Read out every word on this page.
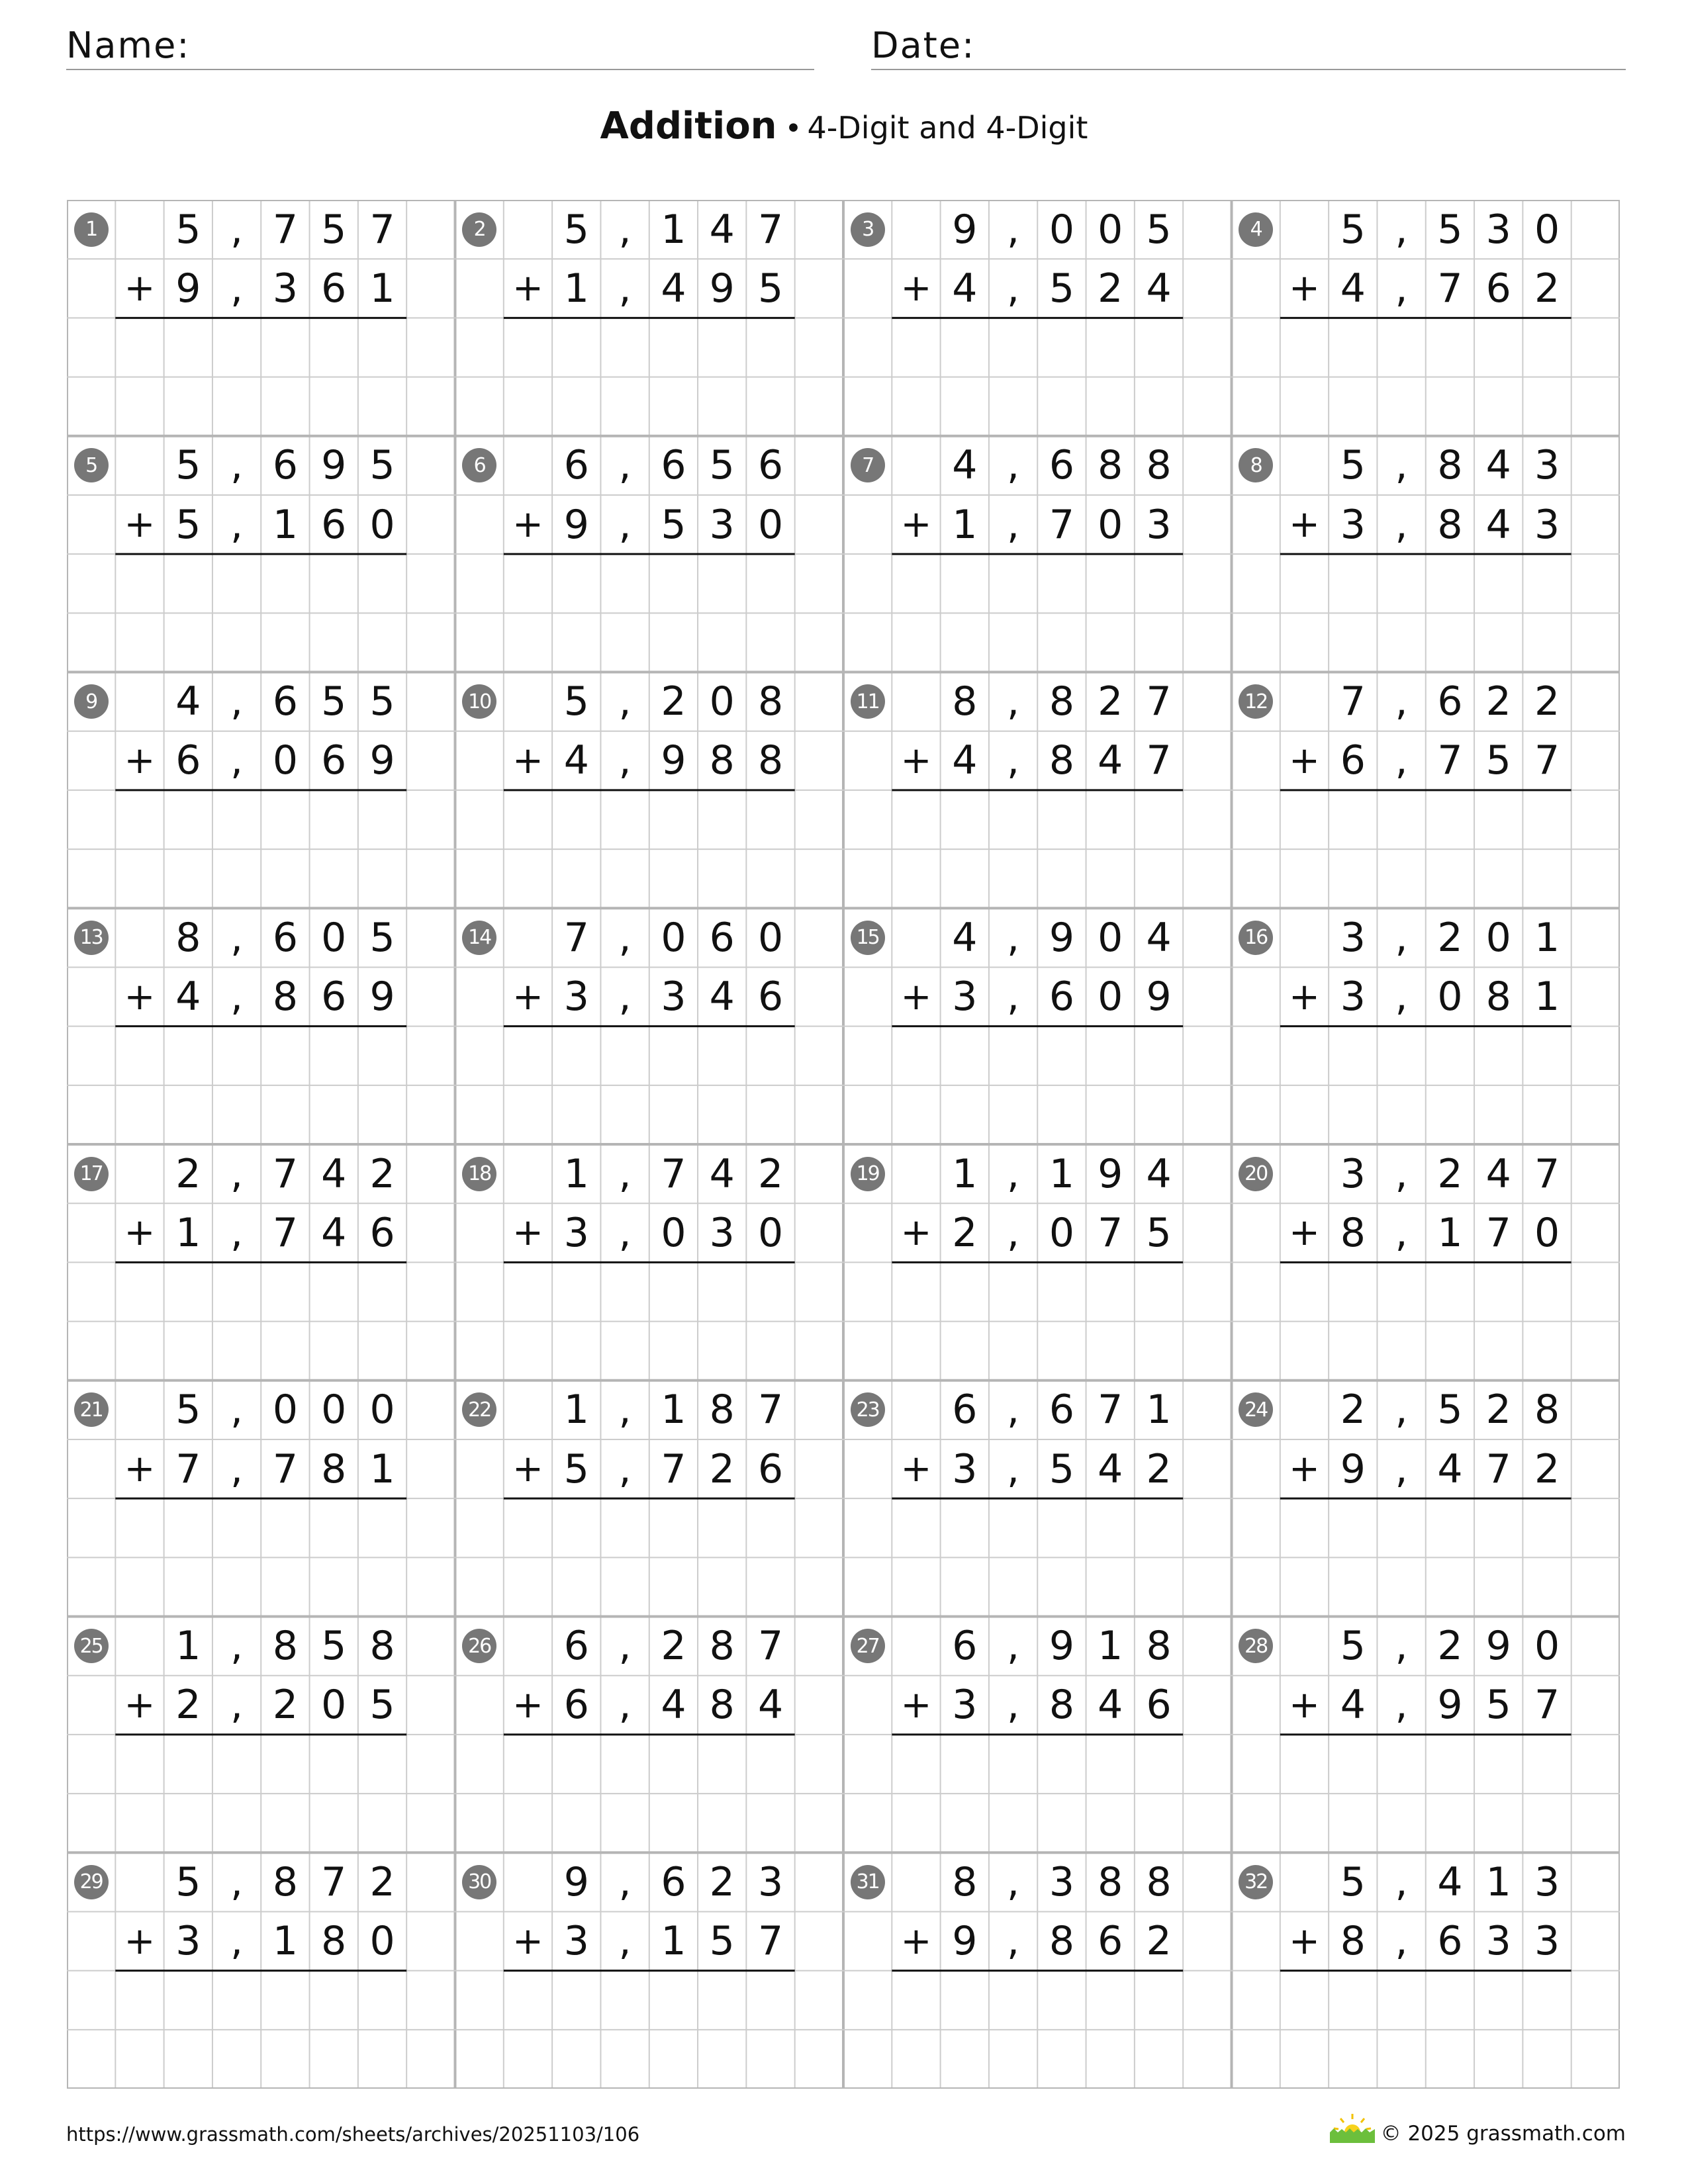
Name:	Date:
Addition • 4-Digit and 4-Digit
1
+
5 , 7 5 7
9 , 3 6 1
2
+
5 , 1 4 7
1 , 4 9 5
3
+
9 , 0 0 5
4 , 5 2 4
4
+
5 , 5 3 0
4 , 7 6 2
5
+
5 , 6 9 5
5 , 1 6 0
6
+
6 , 6 5 6
9 , 5 3 0
7
+
4 , 6 8 8
1 , 7 0 3
8
+
5 , 8 4 3
3 , 8 4 3
9
+
4 , 6 5 5
6 , 0 6 9
10
+
5 , 2 0 8
4 , 9 8 8
11
+
8 , 8 2 7
4 , 8 4 7
12
+
7 , 6 2 2
6 , 7 5 7
13
+
8 , 6 0 5
4 , 8 6 9
14
+
7 , 0 6 0
3 , 3 4 6
15
+
4 , 9 0 4
3 , 6 0 9
16
+
3 , 2 0 1
3 , 0 8 1
17
+
2 , 7 4 2
1 , 7 4 6
18
+
1 , 7 4 2
3 , 0 3 0
19
+
1 , 1 9 4
2 , 0 7 5
20
+
3 , 2 4 7
8 , 1 7 0
21
+
5 , 0 0 0
7 , 7 8 1
22
+
1 , 1 8 7
5 , 7 2 6
23
+
6 , 6 7 1
3 , 5 4 2
24
+
2 , 5 2 8
9 , 4 7 2
25
+
1 , 8 5 8
2 , 2 0 5
26
+
6 , 2 8 7
6 , 4 8 4
27
+
6 , 9 1 8
3 , 8 4 6
28
+
5 , 2 9 0
4 , 9 5 7
29
+
5 , 8 7 2
3 , 1 8 0
30
+
9 , 6 2 3
3 , 1 5 7
31
+
8 , 3 8 8
9 , 8 6 2
32
+
5 , 4 1 3
8 , 6 3 3
https://www.grassmath.com/sheets/archives/20251103/106	© 2025 grassmath.com
